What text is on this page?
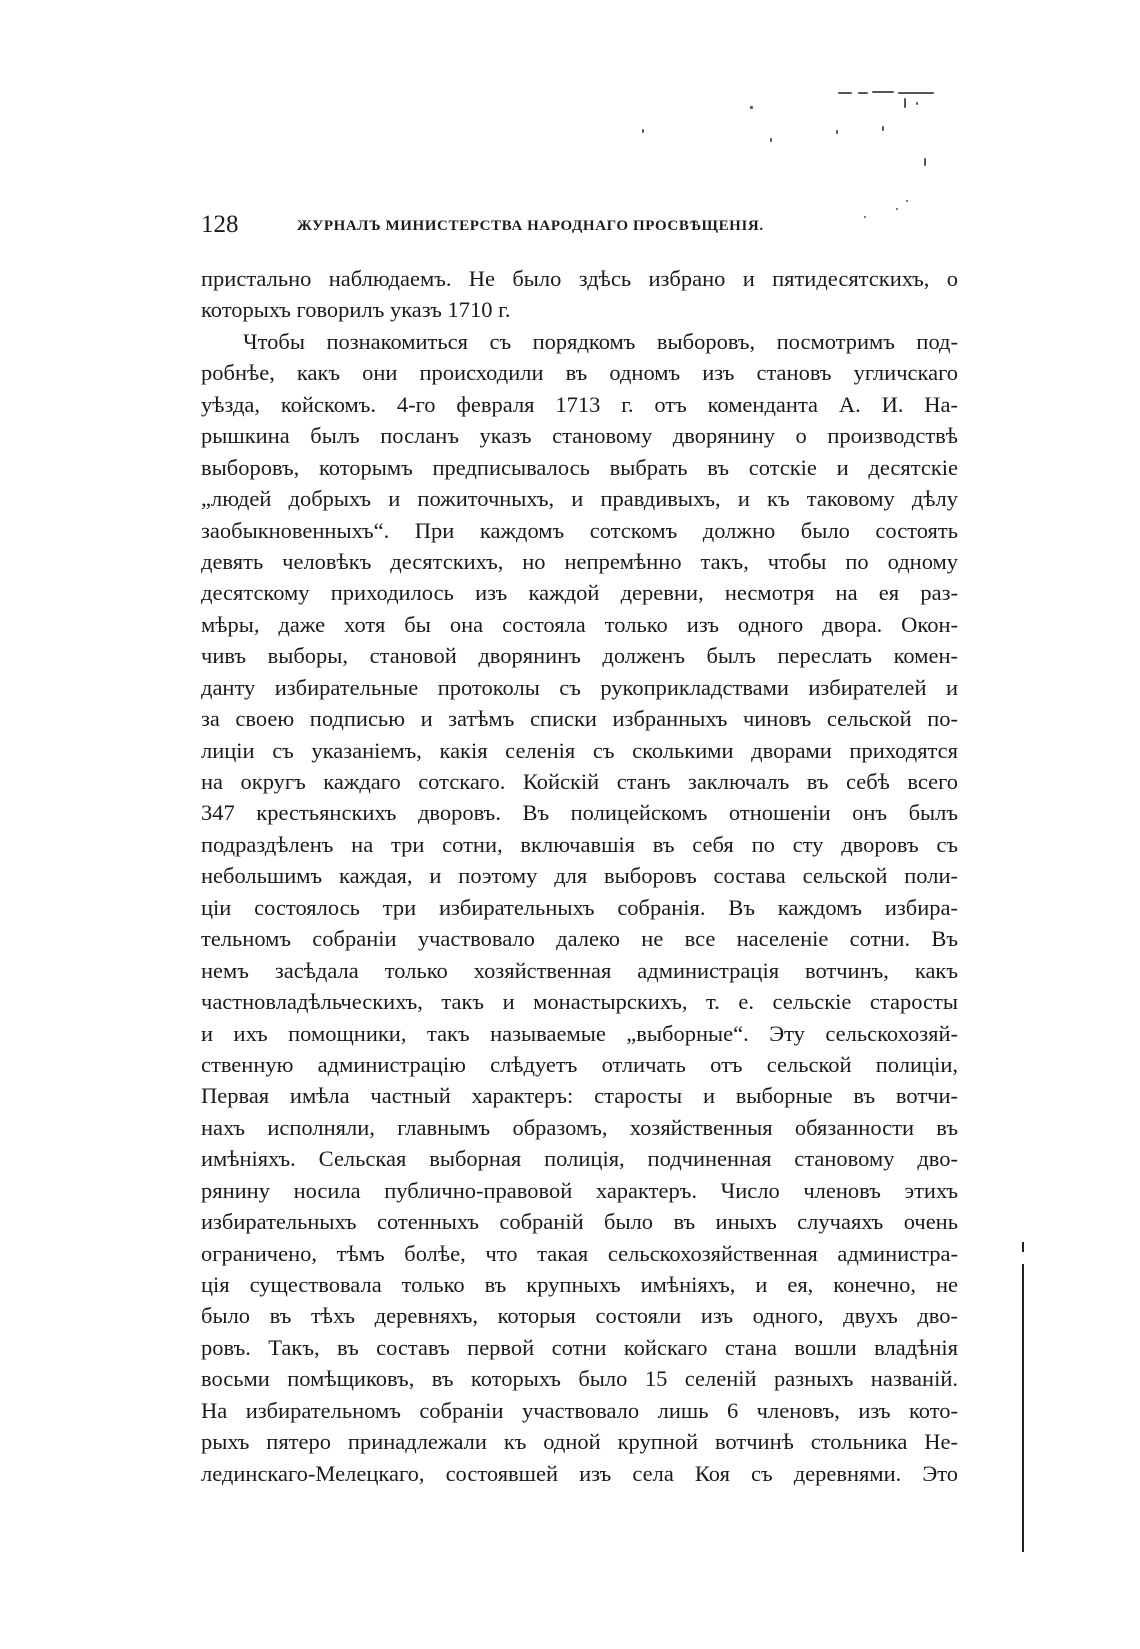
128	ЖУРНАЛЪ МИНИСТЕРСТВА НАРОДНАГО ПРОСВѢЩЕНІЯ.
пристально наблюдаемъ. Не было здѣсь избрано и пятидесятскихъ, о
которыхъ говорилъ указъ 1710 г.
Чтобы познакомиться съ порядкомъ выборовъ, посмотримъ под-
робнѣе, какъ они происходили въ одномъ изъ становъ угличскаго
уѣзда, койскомъ. 4-го февраля 1713 г. отъ коменданта А. И. На-
рышкина былъ посланъ указъ становому дворянину о производствѣ
выборовъ, которымъ предписывалось выбрать въ сотскіе и десятскіе
„людей добрыхъ и пожиточныхъ, и правдивыхъ, и къ таковому дѣлу
заобыкновенныхъ“. При каждомъ сотскомъ должно было состоять
девять человѣкъ десятскихъ, но непремѣнно такъ, чтобы по одному
десятскому приходилось изъ каждой деревни, несмотря на ея раз-
мѣры, даже хотя бы она состояла только изъ одного двора. Окон-
чивъ выборы, становой дворянинъ долженъ былъ переслать комен-
данту избирательные протоколы съ рукоприкладствами избирателей и
за своею подписью и затѣмъ списки избранныхъ чиновъ сельской по-
лиціи съ указаніемъ, какія селенія съ сколькими дворами приходятся
на округъ каждаго сотскаго. Койскій станъ заключалъ въ себѣ всего
347 крестьянскихъ дворовъ. Въ полицейскомъ отношеніи онъ былъ
подраздѣленъ на три сотни, включавшія въ себя по сту дворовъ съ
небольшимъ каждая, и поэтому для выборовъ состава сельской поли-
ціи состоялось три избирательныхъ собранія. Въ каждомъ избира-
тельномъ собраніи участвовало далеко не все населеніе сотни. Въ
немъ засѣдала только хозяйственная администрація вотчинъ, какъ
частновладѣльческихъ, такъ и монастырскихъ, т. е. сельскіе старосты
и ихъ помощники, такъ называемые „выборные“. Эту сельскохозяй-
ственную администрацію слѣдуетъ отличать отъ сельской полиціи,
Первая имѣла частный характеръ: старосты и выборные въ вотчи-
нахъ исполняли, главнымъ образомъ, хозяйственныя обязанности въ
имѣніяхъ. Сельская выборная полиція, подчиненная становому дво-
рянину носила публично-правовой характеръ. Число членовъ этихъ
избирательныхъ сотенныхъ собраній было въ иныхъ случаяхъ очень
ограничено, тѣмъ болѣе, что такая сельскохозяйственная администра-
ція существовала только въ крупныхъ имѣніяхъ, и ея, конечно, не
было въ тѣхъ деревняхъ, которыя состояли изъ одного, двухъ дво-
ровъ. Такъ, въ составъ первой сотни койскаго стана вошли владѣнія
восьми помѣщиковъ, въ которыхъ было 15 селеній разныхъ названій.
На избирательномъ собраніи участвовало лишь 6 членовъ, изъ кото-
рыхъ пятеро принадлежали къ одной крупной вотчинѣ стольника Не-
лединскаго-Мелецкаго, состоявшей изъ села Коя съ деревнями. Это
